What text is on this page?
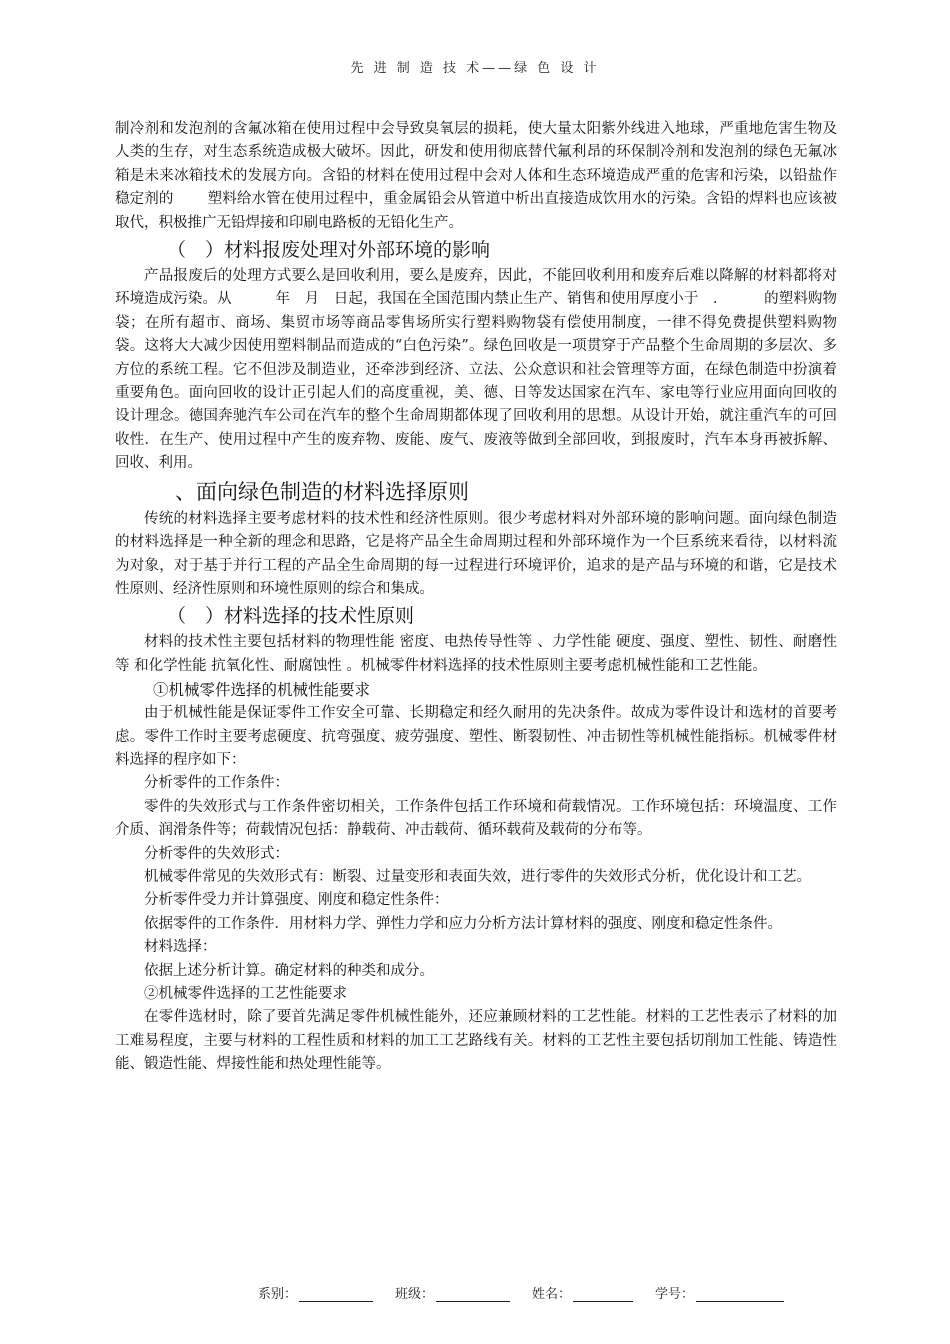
先 进 制 造 技 术——绿 色 设 计
制冷剂和发泡剂的含氟冰箱在使用过程中会导致臭氧层的损耗，使大量太阳紫外线进入地球，严重地危害生物及人类的生存，对生态系统造成极大破坏。因此，研发和使用彻底替代氟利昂的环保制冷剂和发泡剂的绿色无氟冰箱是未来冰箱技术的发展方向。含铅的材料在使用过程中会对人体和生态环境造成严重的危害和污染，以铅盐作稳定剂的 　　塑料给水管在使用过程中，重金属铅会从管道中析出直接造成饮用水的污染。含铅的焊料也应该被取代，积极推广无铅焊接和印刷电路板的无铅化生产。
（　）材料报废处理对外部环境的影响
产品报废后的处理方式要么是回收利用，要么是废弃，因此，不能回收利用和废弃后难以降解的材料都将对环境造成污染。从　　　年　月　日起，我国在全国范围内禁止生产、销售和使用厚度小于　．　　　的塑料购物袋；在所有超市、商场、集贸市场等商品零售场所实行塑料购物袋有偿使用制度，一律不得免费提供塑料购物袋。这将大大减少因使用塑料制品而造成的“白色污染”。绿色回收是一项贯穿于产品整个生命周期的多层次、多方位的系统工程。它不但涉及制造业，还牵涉到经济、立法、公众意识和社会管理等方面，在绿色制造中扮演着重要角色。面向回收的设计正引起人们的高度重视，美、德、日等发达国家在汽车、家电等行业应用面向回收的设计理念。德国奔驰汽车公司在汽车的整个生命周期都体现了回收利用的思想。从设计开始，就注重汽车的可回收性．在生产、使用过程中产生的废弃物、废能、废气、废液等做到全部回收，到报废时，汽车本身再被拆解、回收、利用。
、面向绿色制造的材料选择原则
传统的材料选择主要考虑材料的技术性和经济性原则。很少考虑材料对外部环境的影响问题。面向绿色制造的材料选择是一种全新的理念和思路，它是将产品全生命周期过程和外部环境作为一个巨系统来看待，以材料流为对象，对于基于并行工程的产品全生命周期的每一过程进行环境评价，追求的是产品与环境的和谐，它是技术性原则、经济性原则和环境性原则的综合和集成。
（　）材料选择的技术性原则
材料的技术性主要包括材料的物理性能 密度、电热传导性等 、力学性能 硬度、强度、塑性、韧性、耐磨性等 和化学性能 抗氧化性、耐腐蚀性 。机械零件材料选择的技术性原则主要考虑机械性能和工艺性能。
①机械零件选择的机械性能要求
由于机械性能是保证零件工作安全可靠、长期稳定和经久耐用的先决条件。故成为零件设计和选材的首要考虑。零件工作时主要考虑硬度、抗弯强度、疲劳强度、塑性、断裂韧性、冲击韧性等机械性能指标。机械零件材料选择的程序如下：
分析零件的工作条件：
零件的失效形式与工作条件密切相关，工作条件包括工作环境和荷载情况。工作环境包括：环境温度、工作介质、润滑条件等；荷载情况包括：静载荷、冲击载荷、循环载荷及载荷的分布等。
分析零件的失效形式：
机械零件常见的失效形式有：断裂、过量变形和表面失效，进行零件的失效形式分析，优化设计和工艺。
分析零件受力并计算强度、刚度和稳定性条件：
依据零件的工作条件．用材料力学、弹性力学和应力分析方法计算材料的强度、刚度和稳定性条件。
材料选择：
依据上述分析计算。确定材料的种类和成分。
②机械零件选择的工艺性能要求
在零件选材时，除了要首先满足零件机械性能外，还应兼顾材料的工艺性能。材料的工艺性表示了材料的加工难易程度，主要与材料的工程性质和材料的加工工艺路线有关。材料的工艺性主要包括切削加工性能、铸造性能、锻造性能、焊接性能和热处理性能等。
系别：	班级：	姓名：	学号：
